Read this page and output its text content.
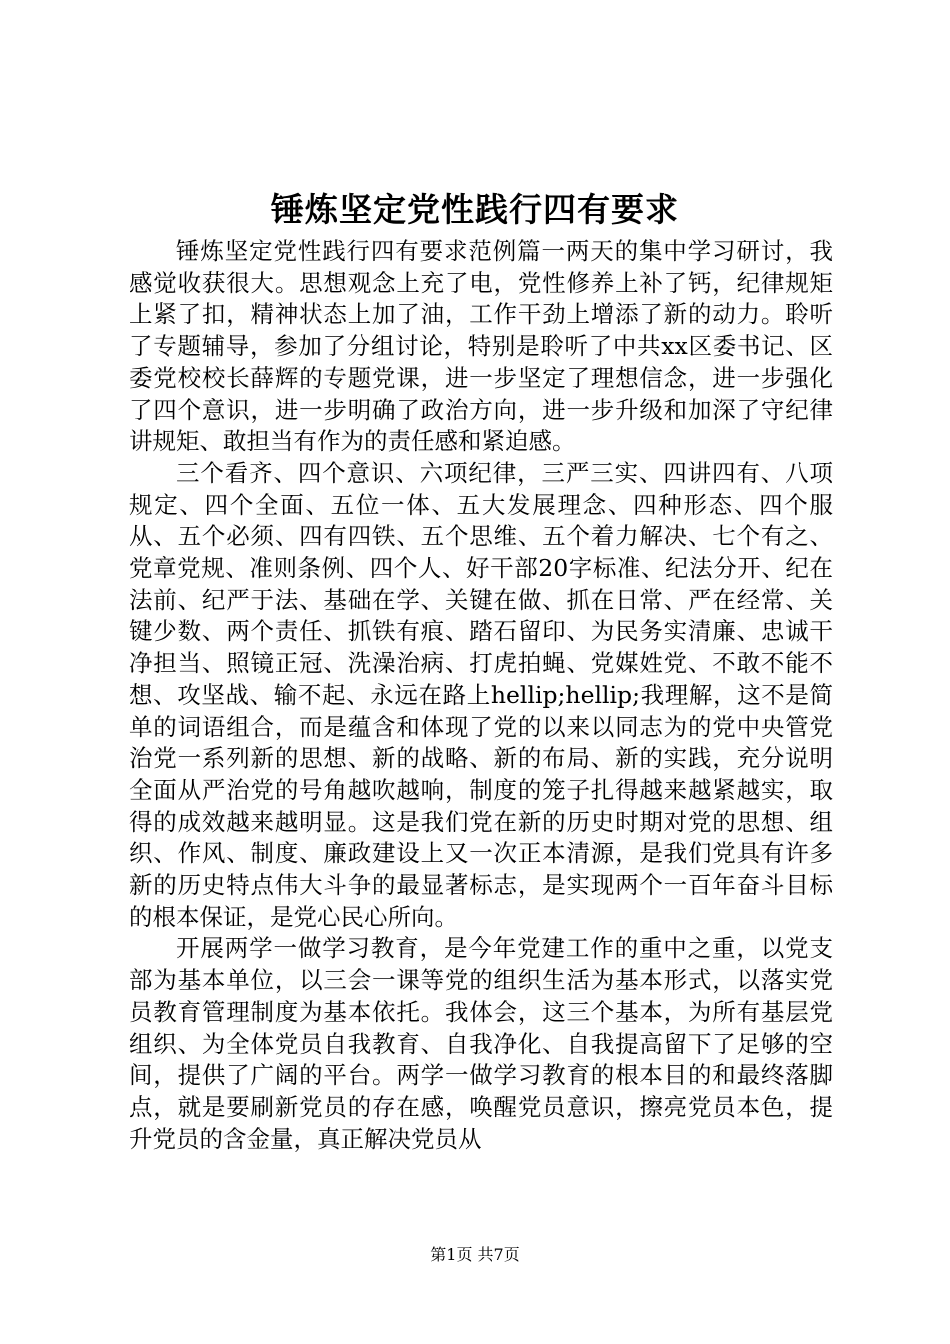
锤炼坚定党性践行四有要求

锤炼坚定党性践行四有要求范例篇一两天的集中学习研讨，我感觉收获很大。思想观念上充了电，党性修养上补了钙，纪律规矩上紧了扣，精神状态上加了油，工作干劲上增添了新的动力。聆听了专题辅导，参加了分组讨论，特别是聆听了中共xx区委书记、区委党校校长薛辉的专题党课，进一步坚定了理想信念，进一步强化了四个意识，进一步明确了政治方向，进一步升级和加深了守纪律讲规矩、敢担当有作为的责任感和紧迫感。

三个看齐、四个意识、六项纪律，三严三实、四讲四有、八项规定、四个全面、五位一体、五大发展理念、四种形态、四个服从、五个必须、四有四铁、五个思维、五个着力解决、七个有之、党章党规、准则条例、四个人、好干部20字标准、纪法分开、纪在法前、纪严于法、基础在学、关键在做、抓在日常、严在经常、关键少数、两个责任、抓铁有痕、踏石留印、为民务实清廉、忠诚干净担当、照镜正冠、洗澡治病、打虎拍蝇、党媒姓党、不敢不能不想、攻坚战、输不起、永远在路上hellip;hellip;我理解，这不是简单的词语组合，而是蕴含和体现了党的以来以同志为的党中央管党治党一系列新的思想、新的战略、新的布局、新的实践，充分说明全面从严治党的号角越吹越响，制度的笼子扎得越来越紧越实，取得的成效越来越明显。这是我们党在新的历史时期对党的思想、组织、作风、制度、廉政建设上又一次正本清源，是我们党具有许多新的历史特点伟大斗争的最显著标志，是实现两个一百年奋斗目标的根本保证，是党心民心所向。

开展两学一做学习教育，是今年党建工作的重中之重，以党支部为基本单位，以三会一课等党的组织生活为基本形式，以落实党员教育管理制度为基本依托。我体会，这三个基本，为所有基层党组织、为全体党员自我教育、自我净化、自我提高留下了足够的空间，提供了广阔的平台。两学一做学习教育的根本目的和最终落脚点，就是要刷新党员的存在感，唤醒党员意识，擦亮党员本色，提升党员的含金量，真正解决党员从

第1页 共7页
